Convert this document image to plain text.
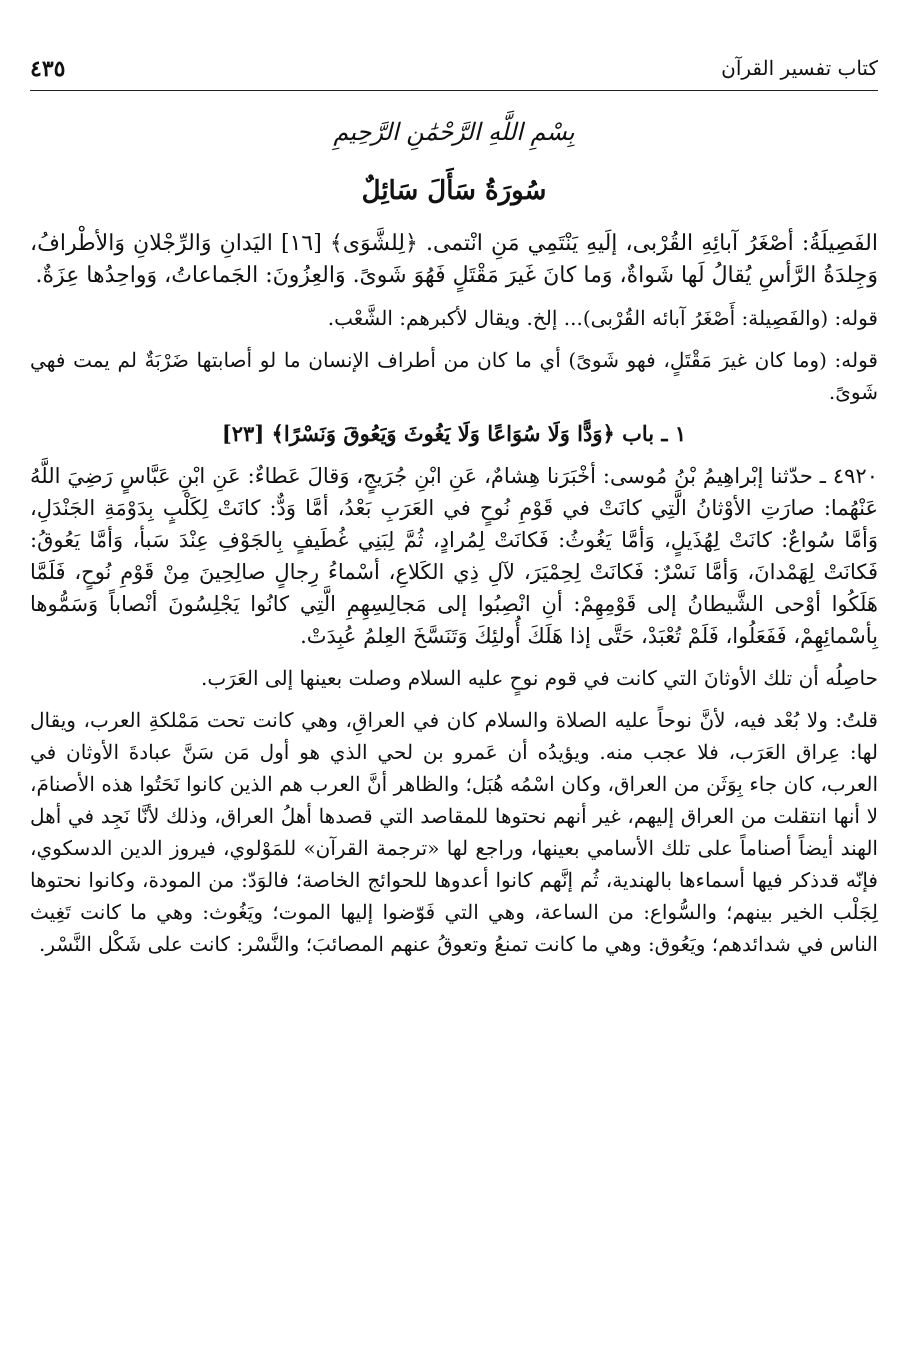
كتاب تفسير القرآن
٤٣٥
بِسْمِ اللَّهِ الرَّحْمَٰنِ الرَّحِيمِ
سُورَةُ سَأَلَ سَائِلٌ

الفَصِيلَةُ: أصْغَرُ آبائِهِ القُرْبى، إلَيهِ يَنْتَمِي مَنِ انْتمى. ﴿لِلشَّوَى﴾ [١٦] اليَدانِ وَالرِّجْلانِ وَالأطْرافُ، وَجِلدَةُ الرَّأسِ يُقالُ لَها شَواةٌ، وَما كانَ غَيرَ مَقْتَلٍ فَهُوَ شَوىً. وَالعِزُونَ: الجَماعاتُ، وَواحِدُها عِزَةٌ.

قوله: (والفَصِيلة: أَصْغَرُ آبائه القُرْبى)... إلخ. ويقال لأكبرهم: الشَّعْب.

قوله: (وما كان غيرَ مَقْتَلٍ، فهو شَوىً) أي ما كان من أطراف الإنسان ما لو أصابتها ضَرْبَةٌ لم يمت فهي شَوىً.

١ ـ باب ﴿وَدًّا وَلَا سُوَاعًا وَلَا يَغُوثَ وَيَعُوقَ وَنَسْرًا﴾ [٢٣]

٤٩٢٠ ـ حدّثنا إبْراهِيمُ بْنُ مُوسى: أخْبَرَنا هِشامٌ، عَنِ ابْنِ جُرَيجٍ، وَقالَ عَطاءٌ: عَنِ ابْنِ عَبَّاسٍ رَضِيَ اللَّهُ عَنْهُما: صارَتِ الأوْثانُ الَّتِي كانَتْ في قَوْمِ نُوحٍ في العَرَبِ بَعْدُ، أمَّا وَدٌّ: كانَتْ لِكَلْبٍ بِدَوْمَةِ الجَنْدَلِ، وَأمَّا سُواعٌ: كانَتْ لِهُذَيلٍ، وَأمَّا يَغُوثُ: فَكانَتْ لِمُرادٍ، ثُمَّ لِبَنِي غُطَيفٍ بِالجَوْفِ عِنْدَ سَبأ، وَأمَّا يَعُوقُ: فَكانَتْ لِهَمْدانَ، وَأمَّا نَسْرٌ: فَكانَتْ لِحِمْيَرَ، لآلِ ذِي الكَلاعِ، أسْماءُ رِجالٍ صالِحِينَ مِنْ قَوْمِ نُوحٍ، فَلَمَّا هَلَكُوا أوْحى الشَّيطانُ إلى قَوْمِهِمْ: أنِ انْصِبُوا إلى مَجالِسِهِمِ الَّتِي كانُوا يَجْلِسُونَ أنْصاباً وَسَمُّوها بِأسْمائِهِمْ، فَفَعَلُوا، فَلَمْ تُعْبَدْ، حَتَّى إذا هَلَكَ أُولئِكَ وَتَنَسَّخَ العِلمُ عُبِدَتْ.

حاصِلُه أن تلك الأوثانَ التي كانت في قوم نوحٍ عليه السلام وصلت بعينها إلى العَرَب.

قلتُ: ولا بُعْد فيه، لأنَّ نوحاً عليه الصلاة والسلام كان في العراقِ، وهي كانت تحت مَمْلكةِ العرب، ويقال لها: عِراق العَرَب، فلا عجب منه. ويؤيدُه أن عَمرو بن لحي الذي هو أول مَن سَنَّ عبادةَ الأوثان في العرب، كان جاء بِوَثَن من العراق، وكان اسْمُه هُبَل؛ والظاهر أنَّ العرب هم الذين كانوا نَحَتُوا هذه الأصنامَ، لا أنها انتقلت من العراق إليهم، غير أنهم نحتوها للمقاصد التي قصدها أهلُ العراق، وذلك لأنَّا نَجِد في أهل الهند أيضاً أصناماً على تلك الأسامي بعينها، وراجع لها «ترجمة القرآن» للمَوْلوي، فيروز الدين الدسكوي، فإنّه قدذكر فيها أسماءها بالهندية، ثُم إنَّهم كانوا أعدوها للحوائج الخاصة؛ فالوَدّ: من المودة، وكانوا نحتوها لِجَلْب الخير بينهم؛ والسُّواع: من الساعة، وهي التي فَوّضوا إليها الموت؛ ويَغُوث: وهي ما كانت تَغِيث الناس في شدائدهم؛ ويَعُوق: وهي ما كانت تمنعُ وتعوقُ عنهم المصائبَ؛ والنَّسْر: كانت على شَكْل النَّسْر.
